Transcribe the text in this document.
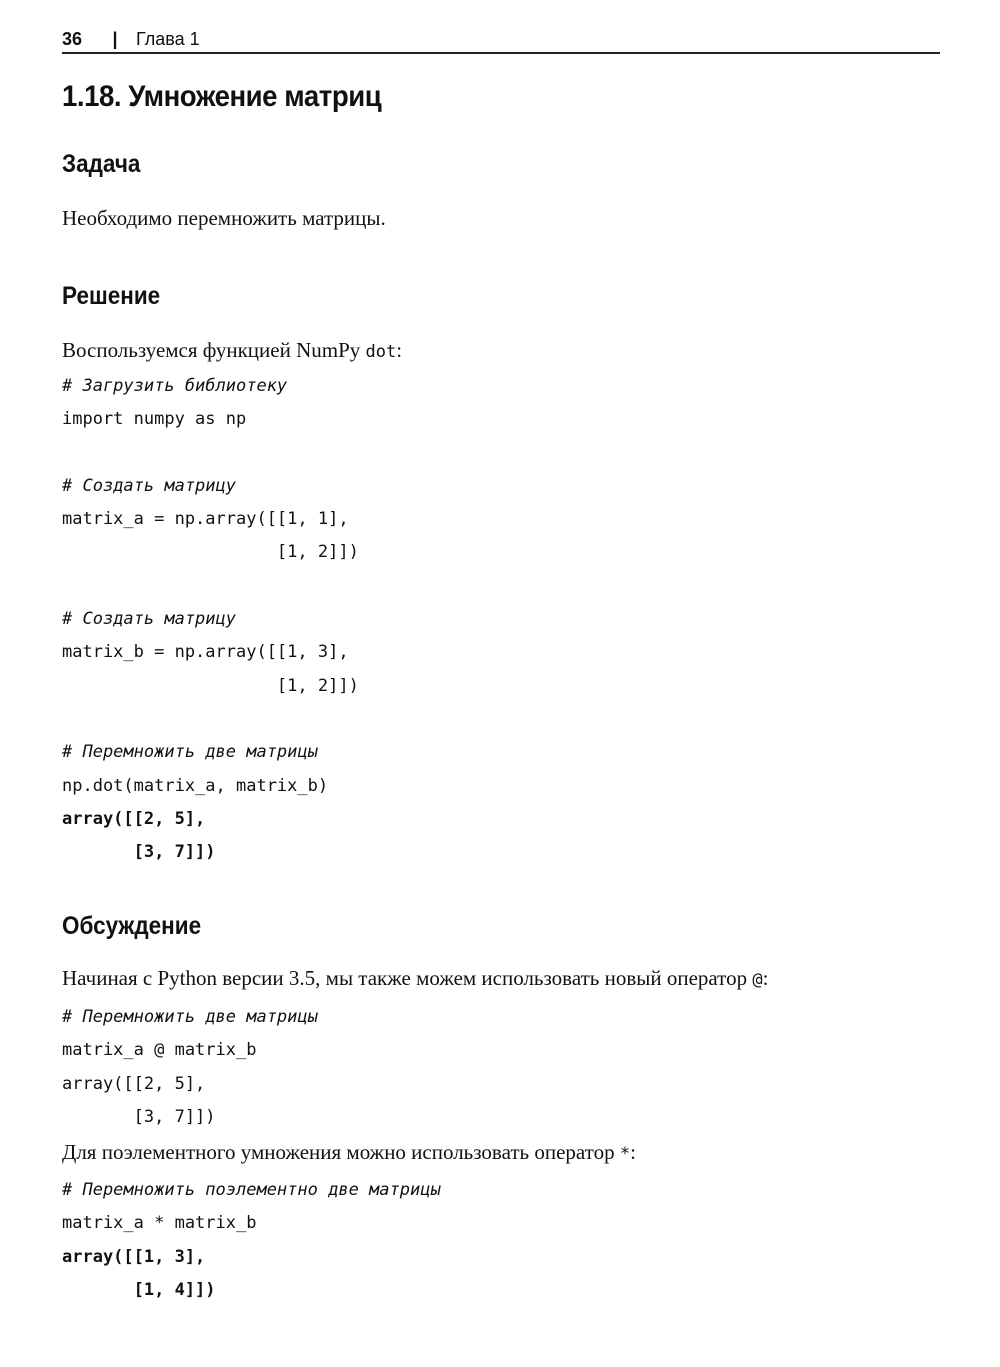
36 | Глава 1
1.18. Умножение матриц
Задача

Необходимо перемножить матрицы.

Решение

Воспользуемся функцией NumPy dot:

# Загрузить библиотеку
import numpy as np
# Создать матрицу
matrix_a = np.array([[1, 1],
[1, 2]])
# Создать матрицу
matrix_b = np.array([[1, 3],
[1, 2]])
# Перемножить две матрицы
np.dot(matrix_a, matrix_b)
array([[2, 5],
[3, 7]])
Обсуждение

Начиная с Python версии 3.5, мы также можем использовать новый оператор @:

# Перемножить две матрицы
matrix_a @ matrix_b
array([[2, 5],
[3, 7]])

Для поэлементного умножения можно использовать оператор *:

# Перемножить поэлементно две матрицы
matrix_a * matrix_b
array([[1, 3],
[1, 4]])
